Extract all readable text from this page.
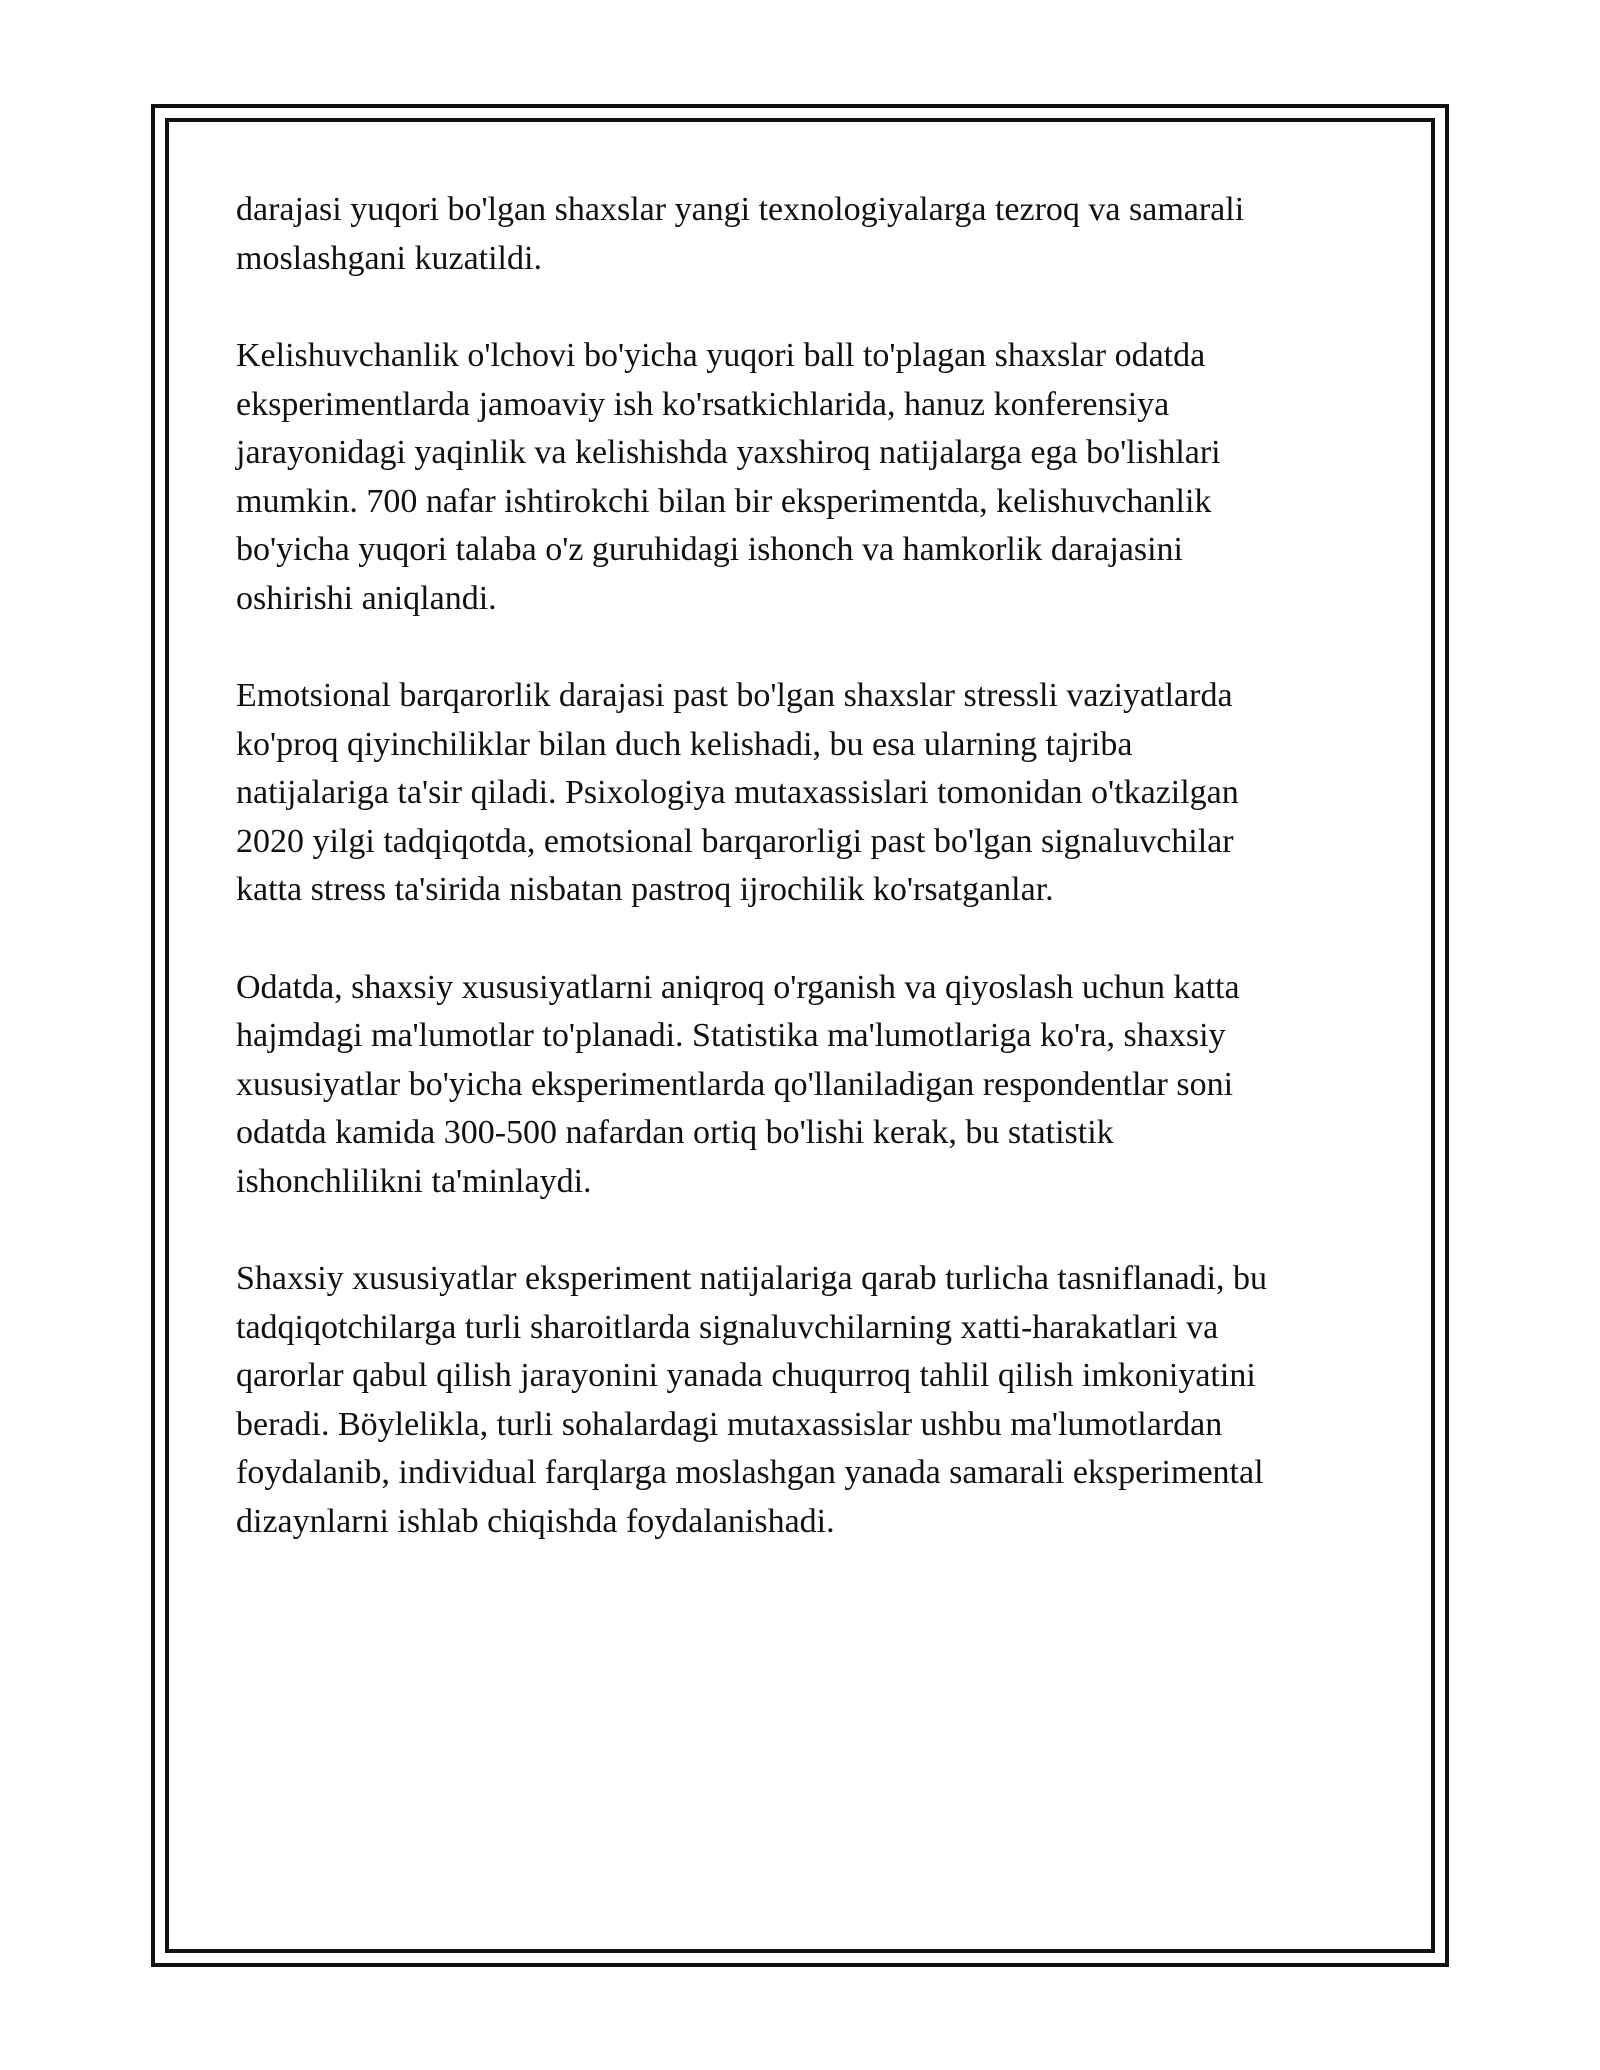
darajasi yuqori bo'lgan shaxslar yangi texnologiyalarga tezroq va samarali
moslashgani kuzatildi.

Kelishuvchanlik o'lchovi bo'yicha yuqori ball to'plagan shaxslar odatda
eksperimentlarda jamoaviy ish ko'rsatkichlarida, hanuz konferensiya
jarayonidagi yaqinlik va kelishishda yaxshiroq natijalarga ega bo'lishlari
mumkin. 700 nafar ishtirokchi bilan bir eksperimentda, kelishuvchanlik
bo'yicha yuqori talaba o'z guruhidagi ishonch va hamkorlik darajasini
oshirishi aniqlandi.

Emotsional barqarorlik darajasi past bo'lgan shaxslar stressli vaziyatlarda
ko'proq qiyinchiliklar bilan duch kelishadi, bu esa ularning tajriba
natijalariga ta'sir qiladi. Psixologiya mutaxassislari tomonidan o'tkazilgan
2020 yilgi tadqiqotda, emotsional barqarorligi past bo'lgan signaluvchilar
katta stress ta'sirida nisbatan pastroq ijrochilik ko'rsatganlar.

Odatda, shaxsiy xususiyatlarni aniqroq o'rganish va qiyoslash uchun katta
hajmdagi ma'lumotlar to'planadi. Statistika ma'lumotlariga ko'ra, shaxsiy
xususiyatlar bo'yicha eksperimentlarda qo'llaniladigan respondentlar soni
odatda kamida 300-500 nafardan ortiq bo'lishi kerak, bu statistik
ishonchlilikni ta'minlaydi.

Shaxsiy xususiyatlar eksperiment natijalariga qarab turlicha tasniflanadi, bu
tadqiqotchilarga turli sharoitlarda signaluvchilarning xatti-harakatlari va
qarorlar qabul qilish jarayonini yanada chuqurroq tahlil qilish imkoniyatini
beradi. Böylelikla, turli sohalardagi mutaxassislar ushbu ma'lumotlardan
foydalanib, individual farqlarga moslashgan yanada samarali eksperimental
dizaynlarni ishlab chiqishda foydalanishadi.
